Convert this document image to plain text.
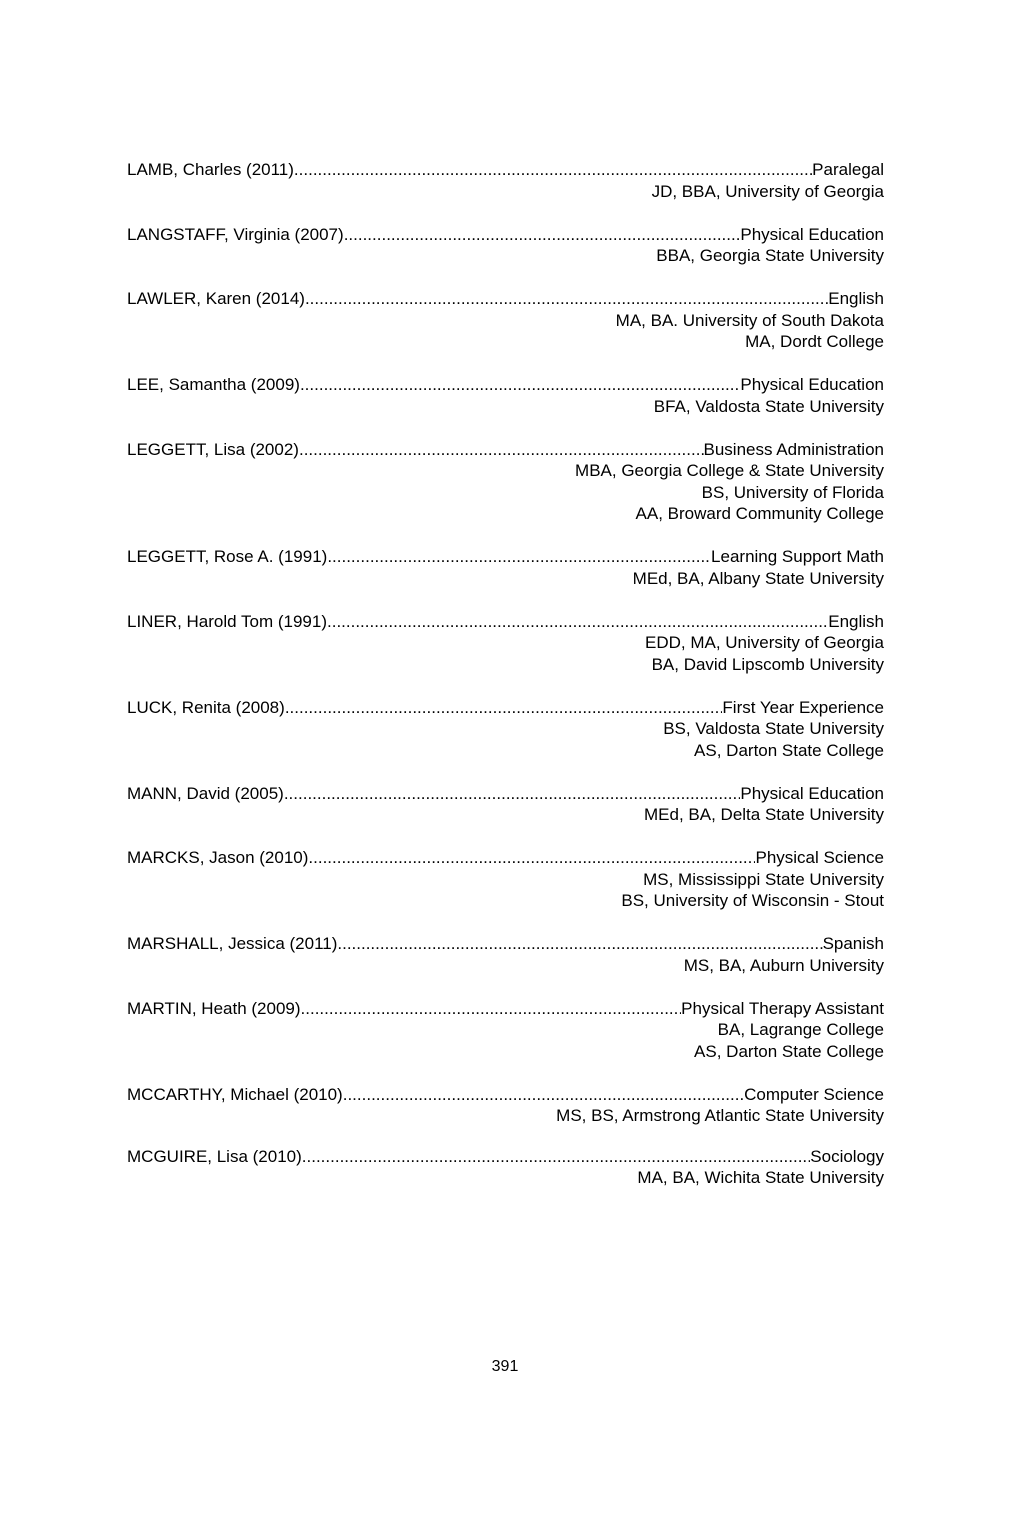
LAMB, Charles (2011) .....	Paralegal
JD, BBA, University of Georgia
LANGSTAFF, Virginia (2007) .....	Physical Education
BBA, Georgia State University
LAWLER, Karen (2014) .....	English
MA, BA. University of South Dakota
MA, Dordt College
LEE, Samantha (2009) .....	Physical Education
BFA, Valdosta State University
LEGGETT, Lisa (2002) .....	Business Administration
MBA, Georgia College & State University
BS, University of Florida
AA, Broward Community College
LEGGETT, Rose A. (1991) .....	Learning Support Math
MEd, BA, Albany State University
LINER, Harold Tom (1991) .....	English
EDD, MA, University of Georgia
BA, David Lipscomb University
LUCK, Renita (2008) .....	First Year Experience
BS, Valdosta State University
AS, Darton State College
MANN, David (2005) .....	Physical Education
MEd, BA, Delta State University
MARCKS, Jason (2010) .....	Physical Science
MS, Mississippi State University
BS, University of Wisconsin - Stout
MARSHALL, Jessica (2011) .....	Spanish
MS, BA, Auburn University
MARTIN, Heath (2009) .....	Physical Therapy Assistant
BA, Lagrange College
AS, Darton State College
MCCARTHY, Michael (2010) .....	Computer Science
MS, BS, Armstrong Atlantic State University
MCGUIRE, Lisa (2010) .....	Sociology
MA, BA, Wichita State University
391
